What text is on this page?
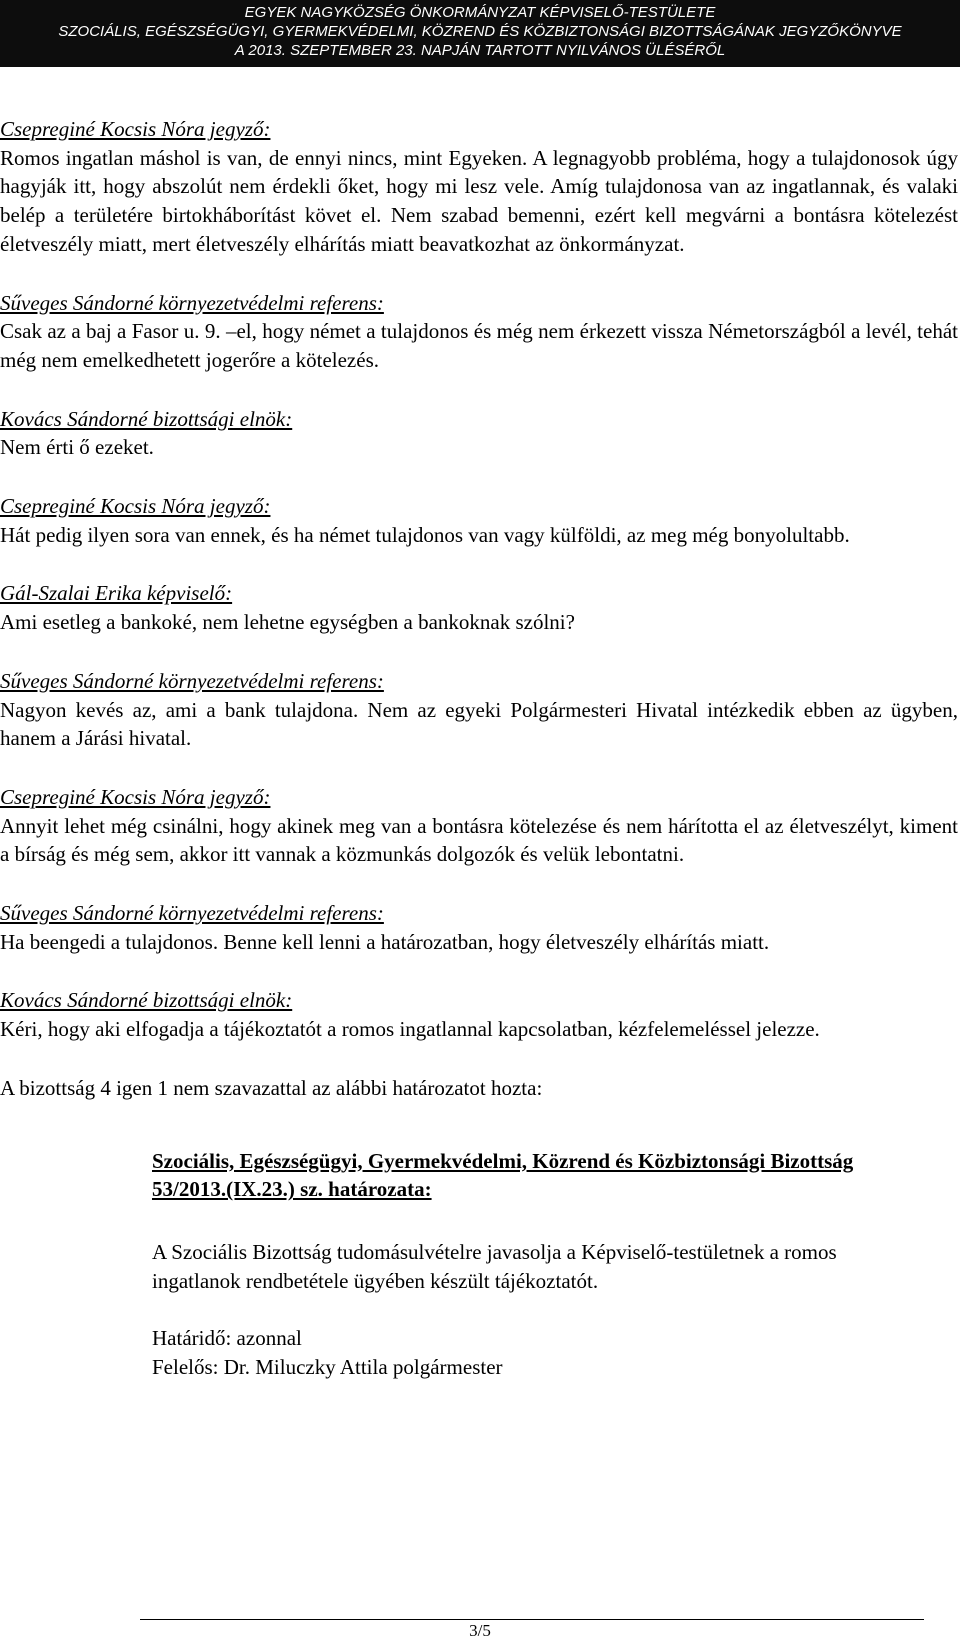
EGYEK NAGYKÖZSÉG ÖNKORMÁNYZAT KÉPVISELŐ-TESTÜLETE
SZOCIÁLIS, EGÉSZSÉGÜGYI, GYERMEKVÉDELMI, KÖZREND ÉS KÖZBIZTONSÁGI BIZOTTSÁGÁNAK JEGYZŐKÖNYVE
A 2013. SZEPTEMBER 23. NAPJÁN TARTOTT NYILVÁNOS ÜLÉSÉRŐL
Csepreginé Kocsis Nóra jegyző:
Romos ingatlan máshol is van, de ennyi nincs, mint Egyeken. A legnagyobb probléma, hogy a tulajdonosok úgy hagyják itt, hogy abszolút nem érdekli őket, hogy mi lesz vele. Amíg tulajdonosa van az ingatlannak, és valaki belép a területére birtokháborítást követ el. Nem szabad bemenni, ezért kell megvárni a bontásra kötelezést életveszély miatt, mert életveszély elhárítás miatt beavatkozhat az önkormányzat.
Sűveges Sándorné környezetvédelmi referens:
Csak az a baj a Fasor u. 9. –el, hogy német a tulajdonos és még nem érkezett vissza Németországból a levél, tehát még nem emelkedhetett jogerőre a kötelezés.
Kovács Sándorné bizottsági elnök:
Nem érti ő ezeket.
Csepreginé Kocsis Nóra jegyző:
Hát pedig ilyen sora van ennek, és ha német tulajdonos van vagy külföldi, az meg még bonyolultabb.
Gál-Szalai Erika képviselő:
Ami esetleg a bankoké, nem lehetne egységben a bankoknak szólni?
Sűveges Sándorné környezetvédelmi referens:
Nagyon kevés az, ami a bank tulajdona. Nem az egyeki Polgármesteri Hivatal intézkedik ebben az ügyben, hanem a Járási hivatal.
Csepreginé Kocsis Nóra jegyző:
Annyit lehet még csinálni, hogy akinek meg van a bontásra kötelezése és nem hárította el az életveszélyt, kiment a bírság és még sem, akkor itt vannak a közmunkás dolgozók és velük lebontatni.
Sűveges Sándorné környezetvédelmi referens:
Ha beengedi a tulajdonos. Benne kell lenni a határozatban, hogy életveszély elhárítás miatt.
Kovács Sándorné bizottsági elnök:
Kéri, hogy aki elfogadja a tájékoztatót a romos ingatlannal kapcsolatban, kézfelemeléssel jelezze.
A bizottság 4 igen 1 nem szavazattal az alábbi határozatot hozta:
Szociális, Egészségügyi, Gyermekvédelmi, Közrend és Közbiztonsági Bizottság 53/2013.(IX.23.) sz. határozata:
A Szociális Bizottság tudomásulvételre javasolja a Képviselő-testületnek a romos ingatlanok rendbetétele ügyében készült tájékoztatót.
Határidő: azonnal
Felelős: Dr. Miluczky Attila polgármester
3/5
